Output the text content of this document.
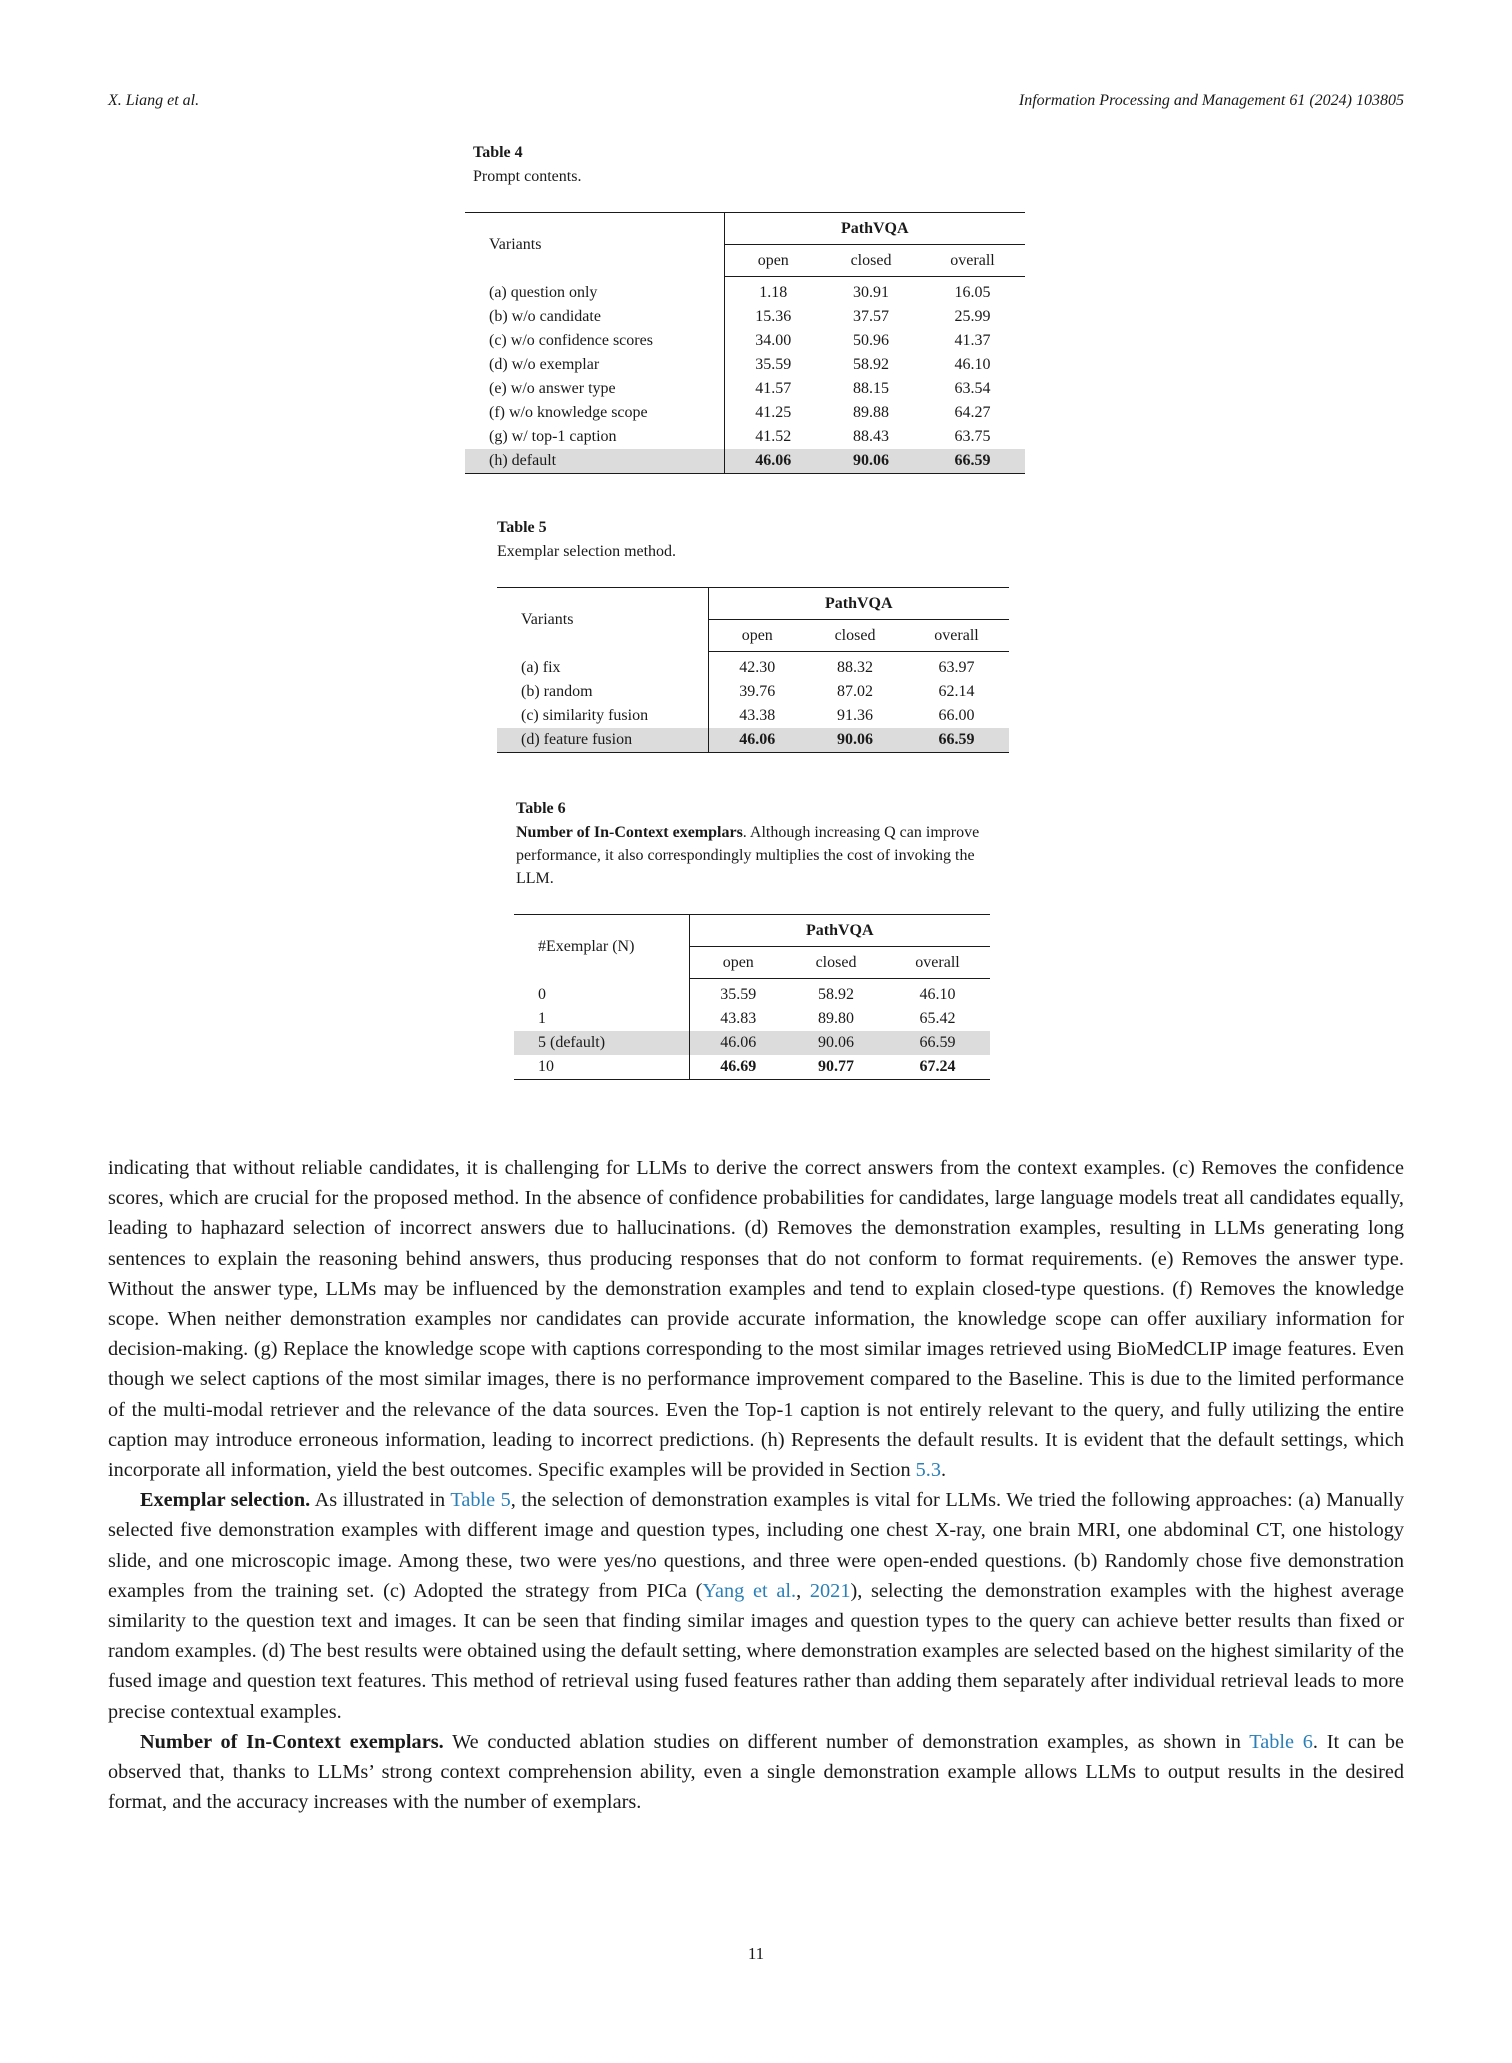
X. Liang et al.	Information Processing and Management 61 (2024) 103805
Table 4
Prompt contents.
Variants	PathVQA		
	open	closed	overall
(a) question only	1.18	30.91	16.05
(b) w/o candidate	15.36	37.57	25.99
(c) w/o confidence scores	34.00	50.96	41.37
(d) w/o exemplar	35.59	58.92	46.10
(e) w/o answer type	41.57	88.15	63.54
(f) w/o knowledge scope	41.25	89.88	64.27
(g) w/ top-1 caption	41.52	88.43	63.75
(h) default	46.06	90.06	66.59
Table 5
Exemplar selection method.
Variants	PathVQA		
	open	closed	overall
(a) fix	42.30	88.32	63.97
(b) random	39.76	87.02	62.14
(c) similarity fusion	43.38	91.36	66.00
(d) feature fusion	46.06	90.06	66.59
Table 6
Number of In-Context exemplars. Although increasing Q can improve performance, it also correspondingly multiplies the cost of invoking the LLM.
#Exemplar (N)	PathVQA		
	open	closed	overall
0	35.59	58.92	46.10
1	43.83	89.80	65.42
5 (default)	46.06	90.06	66.59
10	46.69	90.77	67.24

indicating that without reliable candidates, it is challenging for LLMs to derive the correct answers from the context examples. (c) Removes the confidence scores, which are crucial for the proposed method. In the absence of confidence probabilities for candidates, large language models treat all candidates equally, leading to haphazard selection of incorrect answers due to hallucinations. (d) Removes the demonstration examples, resulting in LLMs generating long sentences to explain the reasoning behind answers, thus producing responses that do not conform to format requirements. (e) Removes the answer type. Without the answer type, LLMs may be influenced by the demonstration examples and tend to explain closed-type questions. (f) Removes the knowledge scope. When neither demonstration examples nor candidates can provide accurate information, the knowledge scope can offer auxiliary information for decision-making. (g) Replace the knowledge scope with captions corresponding to the most similar images retrieved using BioMedCLIP image features. Even though we select captions of the most similar images, there is no performance improvement compared to the Baseline. This is due to the limited performance of the multi-modal retriever and the relevance of the data sources. Even the Top-1 caption is not entirely relevant to the query, and fully utilizing the entire caption may introduce erroneous information, leading to incorrect predictions. (h) Represents the default results. It is evident that the default settings, which incorporate all information, yield the best outcomes. Specific examples will be provided in Section 5.3.

Exemplar selection. As illustrated in Table 5, the selection of demonstration examples is vital for LLMs. We tried the following approaches: (a) Manually selected five demonstration examples with different image and question types, including one chest X-ray, one brain MRI, one abdominal CT, one histology slide, and one microscopic image. Among these, two were yes/no questions, and three were open-ended questions. (b) Randomly chose five demonstration examples from the training set. (c) Adopted the strategy from PICa (Yang et al., 2021), selecting the demonstration examples with the highest average similarity to the question text and images. It can be seen that finding similar images and question types to the query can achieve better results than fixed or random examples. (d) The best results were obtained using the default setting, where demonstration examples are selected based on the highest similarity of the fused image and question text features. This method of retrieval using fused features rather than adding them separately after individual retrieval leads to more precise contextual examples.

Number of In-Context exemplars. We conducted ablation studies on different number of demonstration examples, as shown in Table 6. It can be observed that, thanks to LLMs’ strong context comprehension ability, even a single demonstration example allows LLMs to output results in the desired format, and the accuracy increases with the number of exemplars.

11
